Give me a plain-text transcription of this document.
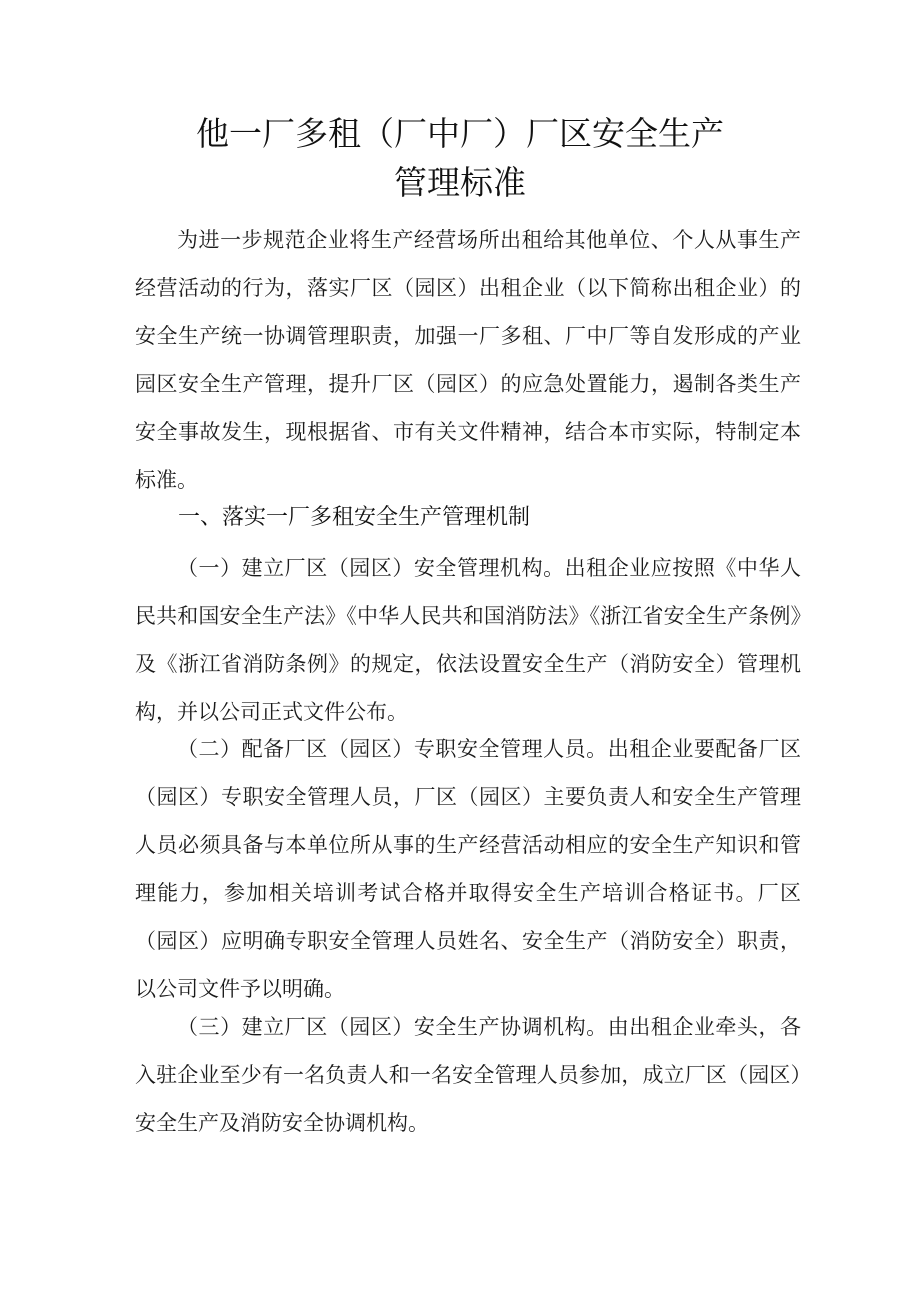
他一厂多租（厂中厂）厂区安全生产
管理标准

为进一步规范企业将生产经营场所出租给其他单位、个人从事生产经营活动的行为，落实厂区（园区）出租企业（以下简称出租企业）的安全生产统一协调管理职责，加强一厂多租、厂中厂等自发形成的产业园区安全生产管理，提升厂区（园区）的应急处置能力，遏制各类生产安全事故发生，现根据省、市有关文件精神，结合本市实际，特制定本标准。

一、落实一厂多租安全生产管理机制

（一）建立厂区（园区）安全管理机构。出租企业应按照《中华人民共和国安全生产法》《中华人民共和国消防法》《浙江省安全生产条例》及《浙江省消防条例》的规定，依法设置安全生产（消防安全）管理机构，并以公司正式文件公布。

（二）配备厂区（园区）专职安全管理人员。出租企业要配备厂区（园区）专职安全管理人员，厂区（园区）主要负责人和安全生产管理人员必须具备与本单位所从事的生产经营活动相应的安全生产知识和管理能力，参加相关培训考试合格并取得安全生产培训合格证书。厂区（园区）应明确专职安全管理人员姓名、安全生产（消防安全）职责，以公司文件予以明确。

（三）建立厂区（园区）安全生产协调机构。由出租企业牵头，各入驻企业至少有一名负责人和一名安全管理人员参加，成立厂区（园区）安全生产及消防安全协调机构。
